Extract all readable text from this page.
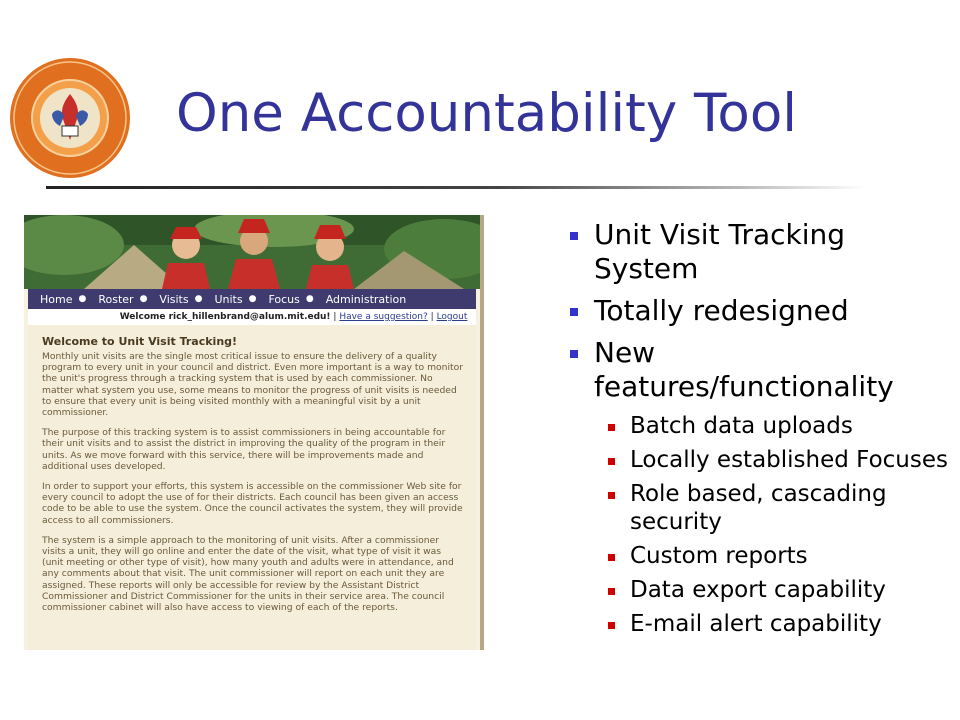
One Accountability Tool
Home ●	Roster ●	Visits ●	Units ●	Focus ●	Administration
Welcome rick_hillenbrand@alum.mit.edu! | Have a suggestion? | Logout
Welcome to Unit Visit Tracking!

Monthly unit visits are the single most critical issue to ensure the delivery of a quality program to every unit in your council and district. Even more important is a way to monitor the unit's progress through a tracking system that is used by each commissioner. No matter what system you use, some means to monitor the progress of unit visits is needed to ensure that every unit is being visited monthly with a meaningful visit by a unit commissioner.

The purpose of this tracking system is to assist commissioners in being accountable for their unit visits and to assist the district in improving the quality of the program in their units. As we move forward with this service, there will be improvements made and additional uses developed.

In order to support your efforts, this system is accessible on the commissioner Web site for every council to adopt the use of for their districts. Each council has been given an access code to be able to use the system. Once the council activates the system, they will provide access to all commissioners.

The system is a simple approach to the monitoring of unit visits. After a commissioner visits a unit, they will go online and enter the date of the visit, what type of visit it was (unit meeting or other type of visit), how many youth and adults were in attendance, and any comments about that visit. The unit commissioner will report on each unit they are assigned. These reports will only be accessible for review by the Assistant District Commissioner and District Commissioner for the units in their service area. The council commissioner cabinet will also have access to viewing of each of the reports.

Unit Visit Tracking System
Totally redesigned
New features/functionality
Batch data uploads
Locally established Focuses
Role based, cascading security
Custom reports
Data export capability
E-mail alert capability
